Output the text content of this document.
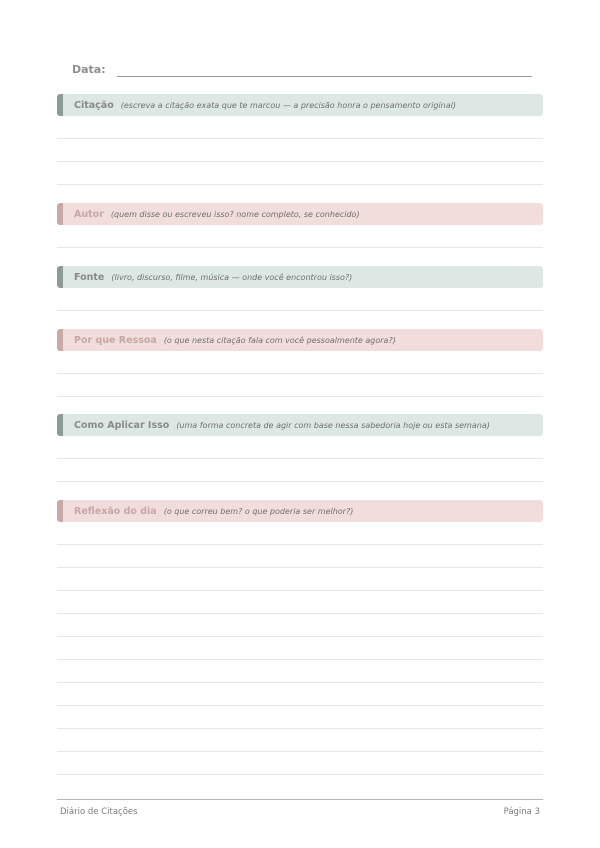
Data:
Citação (escreva a citação exata que te marcou — a precisão honra o pensamento original)
Autor (quem disse ou escreveu isso? nome completo, se conhecido)
Fonte (livro, discurso, filme, música — onde você encontrou isso?)
Por que Ressoa (o que nesta citação fala com você pessoalmente agora?)
Como Aplicar Isso (uma forma concreta de agir com base nessa sabedoria hoje ou esta semana)
Reflexão do dia (o que correu bem? o que poderia ser melhor?)
Diário de Citações	Página 3
